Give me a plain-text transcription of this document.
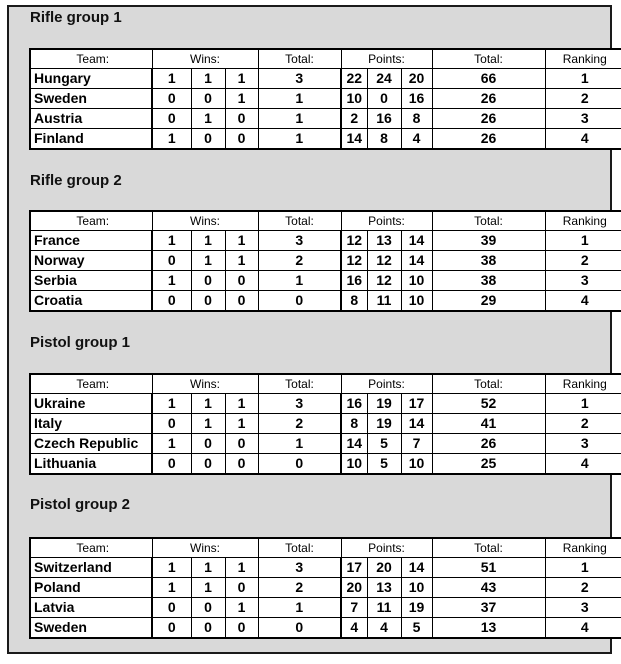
Rifle group 1
Team:	Wins:			Total:	Points:			Total:	Ranking
Hungary	1	1	1	3	22	24	20	66	1
Sweden	0	0	1	1	10	0	16	26	2
Austria	0	1	0	1	2	16	8	26	3
Finland	1	0	0	1	14	8	4	26	4
Rifle group 2
Team:	Wins:			Total:	Points:			Total:	Ranking
France	1	1	1	3	12	13	14	39	1
Norway	0	1	1	2	12	12	14	38	2
Serbia	1	0	0	1	16	12	10	38	3
Croatia	0	0	0	0	8	11	10	29	4
Pistol group 1
Team:	Wins:			Total:	Points:			Total:	Ranking
Ukraine	1	1	1	3	16	19	17	52	1
Italy	0	1	1	2	8	19	14	41	2
Czech Republic	1	0	0	1	14	5	7	26	3
Lithuania	0	0	0	0	10	5	10	25	4
Pistol group 2
Team:	Wins:			Total:	Points:			Total:	Ranking
Switzerland	1	1	1	3	17	20	14	51	1
Poland	1	1	0	2	20	13	10	43	2
Latvia	0	0	1	1	7	11	19	37	3
Sweden	0	0	0	0	4	4	5	13	4
